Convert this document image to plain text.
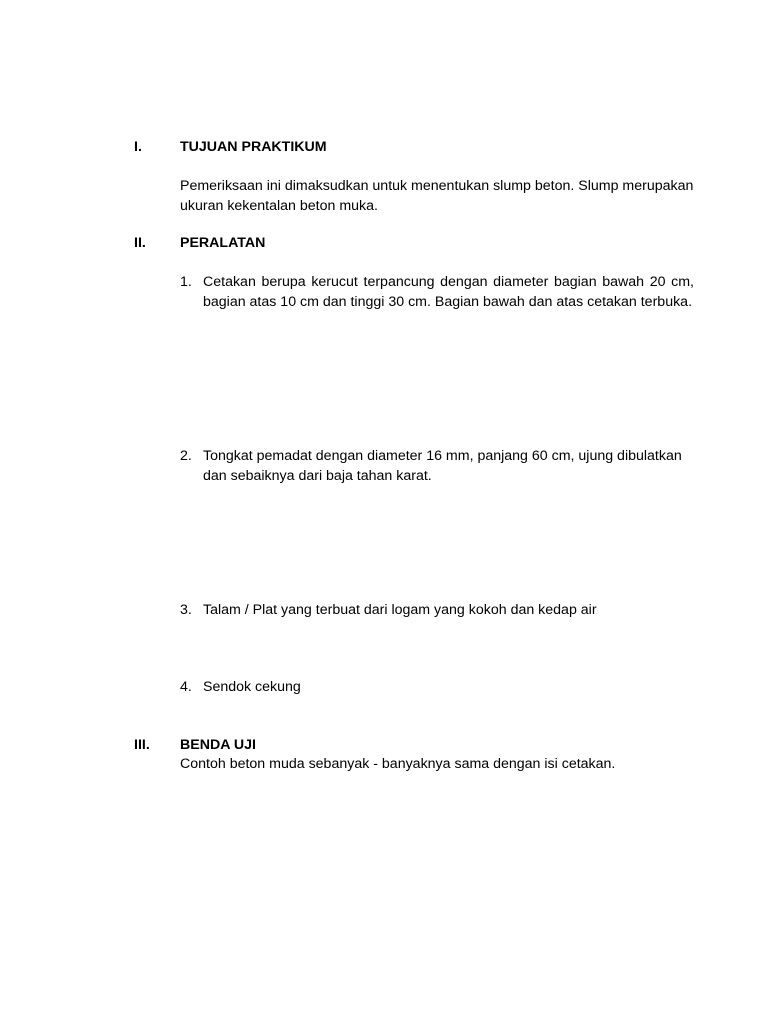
I.	TUJUAN PRAKTIKUM
Pemeriksaan ini dimaksudkan untuk menentukan slump beton. Slump merupakan ukuran kekentalan beton muka.
II. PERALATAN
1. Cetakan berupa kerucut terpancung dengan diameter bagian bawah 20 cm, bagian atas 10 cm dan tinggi 30 cm. Bagian bawah dan atas cetakan terbuka.
2. Tongkat pemadat dengan diameter 16 mm, panjang 60 cm, ujung dibulatkan dan sebaiknya dari baja tahan karat.
3. Talam / Plat yang terbuat dari logam yang kokoh dan kedap air
4. Sendok cekung
III. BENDA UJI
Contoh beton muda sebanyak - banyaknya sama dengan isi cetakan.
